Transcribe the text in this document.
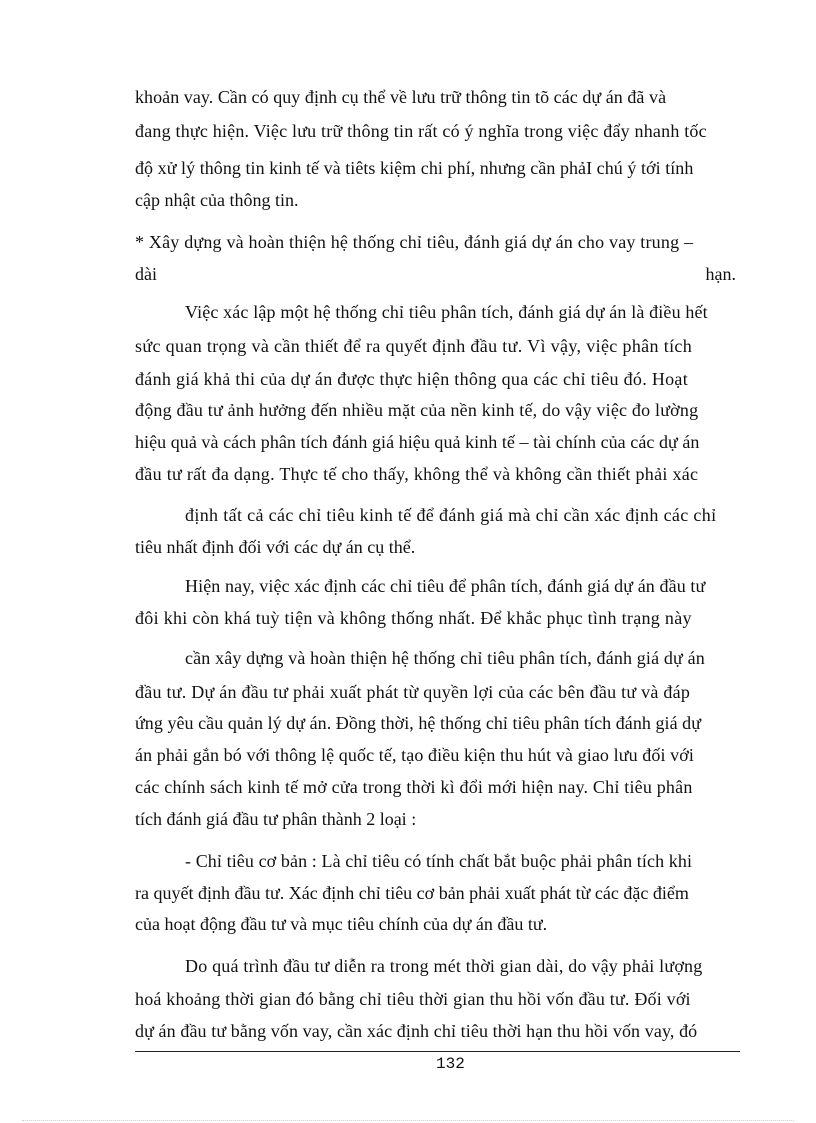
khoản vay. Cần có quy định cụ thể về lưu trữ thông tin tõ các dự án đã và
đang thực hiện. Việc lưu trữ thông tin rất có ý nghĩa trong việc đẩy nhanh tốc
độ xử lý thông tin kinh tế và tiêts kiệm chi phí, nhưng cần phảI chú ý tới tính
cập nhật của thông tin.
* Xây dựng và hoàn thiện hệ thống chỉ tiêu, đánh giá dự án cho vay trung –
dài	hạn.
Việc xác lập một hệ thống chỉ tiêu phân tích, đánh giá dự án là điều hết
sức quan trọng và cần thiết để ra quyết định đầu tư. Vì vậy, việc phân tích
đánh giá khả thi của dự án được thực hiện thông qua các chỉ tiêu đó. Hoạt
động đầu tư ảnh hưởng đến nhiều mặt của nền kinh tế, do vậy việc đo lường
hiệu quả và cách phân tích đánh giá hiệu quả kinh tế – tài chính của các dự án
đầu tư rất đa dạng. Thực tế cho thấy, không thể và không cần thiết phải xác
định tất cả các chỉ tiêu kinh tế để đánh giá mà chỉ cần xác định các chỉ
tiêu nhất định đối với các dự án cụ thể.
Hiện nay, việc xác định các chỉ tiêu để phân tích, đánh giá dự án đầu tư
đôi khi còn khá tuỳ tiện và không thống nhất. Để khắc phục tình trạng này
cần xây dựng và hoàn thiện hệ thống chỉ tiêu phân tích, đánh giá dự án
đầu tư. Dự án đầu tư phải xuất phát từ quyền lợi của các bên đầu tư và đáp
ứng yêu cầu quản lý dự án. Đồng thời, hệ thống chỉ tiêu phân tích đánh giá dự
án phải gắn bó với thông lệ quốc tế, tạo điều kiện thu hút và giao lưu đối với
các chính sách kinh tế mở cửa trong thời kì đổi mới hiện nay. Chỉ tiêu phân
tích đánh giá đầu tư phân thành 2 loại :
- Chỉ tiêu cơ bản : Là chỉ tiêu có tính chất bắt buộc phải phân tích khi
ra quyết định đầu tư. Xác định chỉ tiêu cơ bản phải xuất phát từ các đặc điểm
của hoạt động đầu tư và mục tiêu chính của dự án đầu tư.
Do quá trình đầu tư diễn ra trong mét thời gian dài, do vậy phải lượng
hoá khoảng thời gian đó bằng chỉ tiêu thời gian thu hồi vốn đầu tư. Đối với
dự án đầu tư bằng vốn vay, cần xác định chỉ tiêu thời hạn thu hồi vốn vay, đó
132
